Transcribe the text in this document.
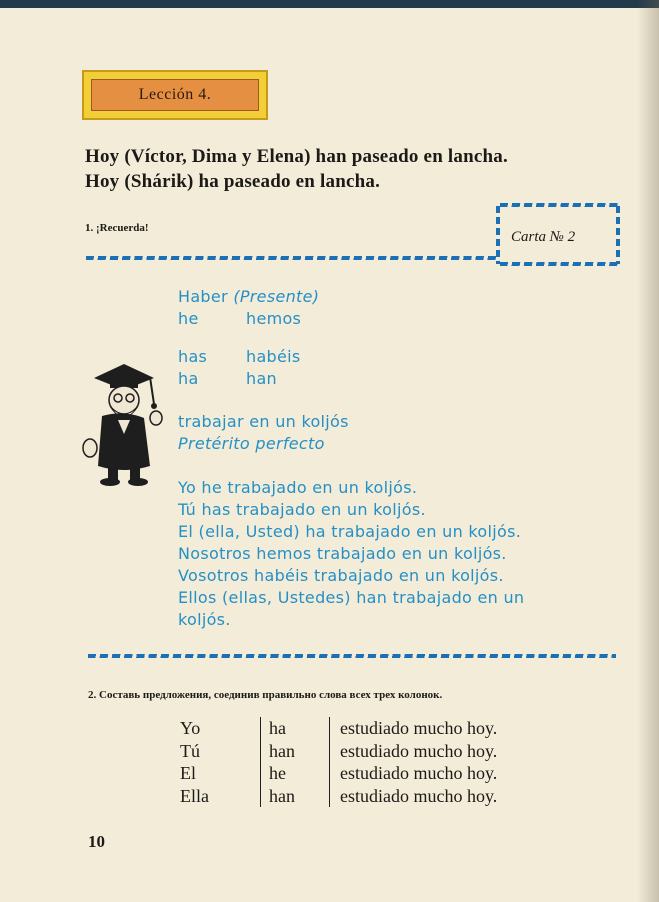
Lección 4.
Hoy (Víctor, Dima y Elena) han paseado en lancha.
Hoy (Shárik) ha paseado en lancha.
1. ¡Recuerda!
Carta № 2
Haber (Presente)
he	hemos
has habéis
ha	han
trabajar en un koljós
Pretérito perfecto
Yo he trabajado en un koljós.
Tú has trabajado en un koljós.
El (ella, Usted) ha trabajado en un koljós.
Nosotros hemos trabajado en un koljós.
Vosotros habéis trabajado en un koljós.
Ellos (ellas, Ustedes) han trabajado en un
koljós.
2. Составь предложения, соединив правильно слова всех трех колонок.
Yo	ha	estudiado mucho hoy.
Tú	han	estudiado mucho hoy.
El	he	estudiado mucho hoy.
Ella	han	estudiado mucho hoy.
10
